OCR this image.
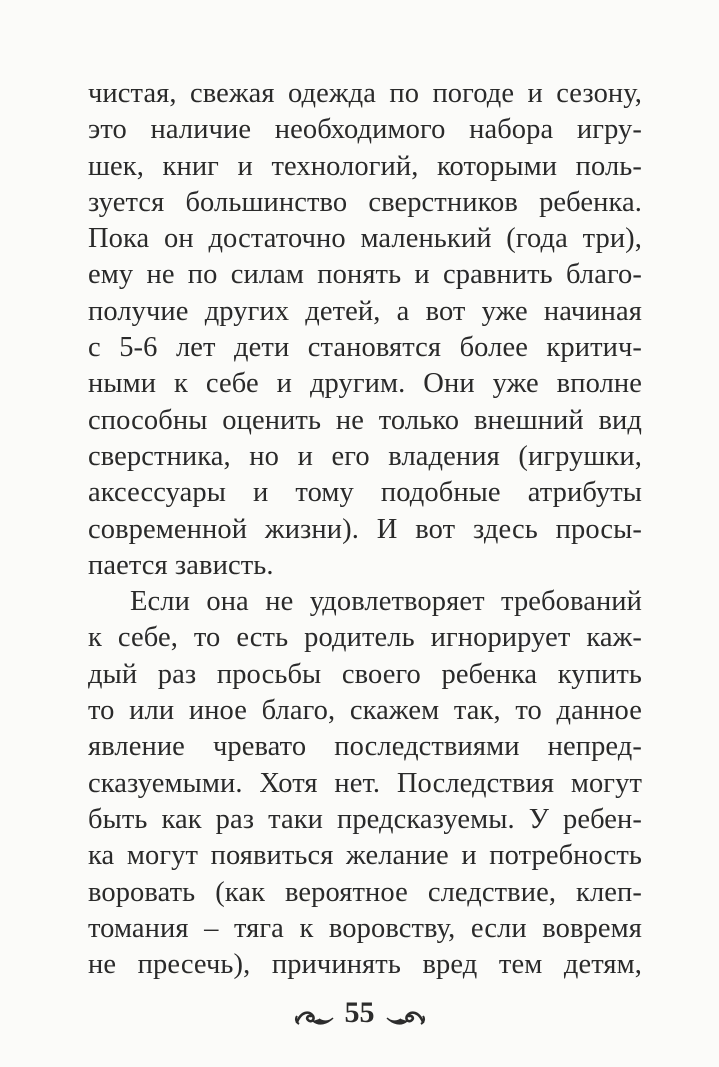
чистая, свежая одежда по погоде и сезону,
это наличие необходимого набора игру-
шек, книг и технологий, которыми поль-
зуется большинство сверстников ребенка.
Пока он достаточно маленький (года три),
ему не по силам понять и сравнить благо-
получие других детей, а вот уже начиная
с 5-6 лет дети становятся более критич-
ными к себе и другим. Они уже вполне
способны оценить не только внешний вид
сверстника, но и его владения (игрушки,
аксессуары и тому подобные атрибуты
современной жизни). И вот здесь просы-
пается зависть.
Если она не удовлетворяет требований
к себе, то есть родитель игнорирует каж-
дый раз просьбы своего ребенка купить
то или иное благо, скажем так, то данное
явление чревато последствиями непред-
сказуемыми. Хотя нет. Последствия могут
быть как раз таки предсказуемы. У ребен-
ка могут появиться желание и потребность
воровать (как вероятное следствие, клеп-
томания – тяга к воровству, если вовремя
не пресечь), причинять вред тем детям,
55
